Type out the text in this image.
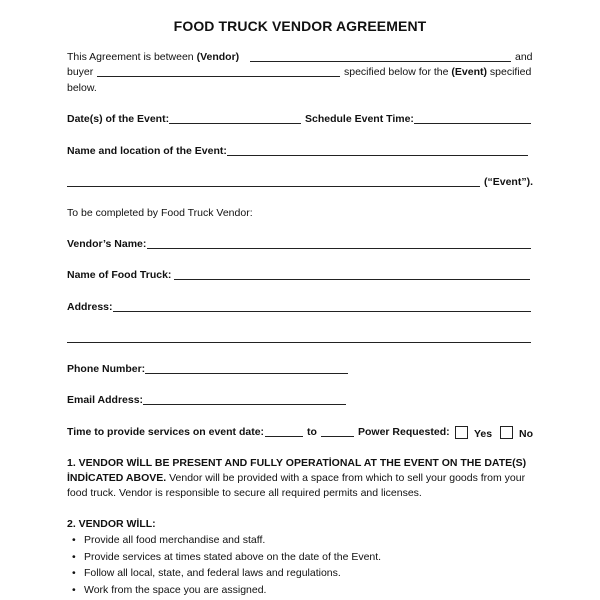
FOOD TRUCK VENDOR AGREEMENT
This Agreement is between (Vendor)	and
buyer	specified below for the (Event) specified
below.
Date(s) of the Event:	Schedule Event Time:
Name and location of the Event:
(“Event”).
To be completed by Food Truck Vendor:
Vendor’s Name:
Name of Food Truck:
Address:
Phone Number:
Email Address:
Time to provide services on event date:	to	Power Requested:	Yes	No
1. VENDOR WİLL BE PRESENT AND FULLY OPERATİONAL AT THE EVENT ON THE DATE(S)
İNDİCATED ABOVE. Vendor will be provided with a space from which to sell your goods from your
food truck. Vendor is responsible to secure all required permits and licenses.
2. VENDOR WİLL:
• Provide all food merchandise and staff.
• Provide services at times stated above on the date of the Event.
• Follow all local, state, and federal laws and regulations.
• Work from the space you are assigned.
